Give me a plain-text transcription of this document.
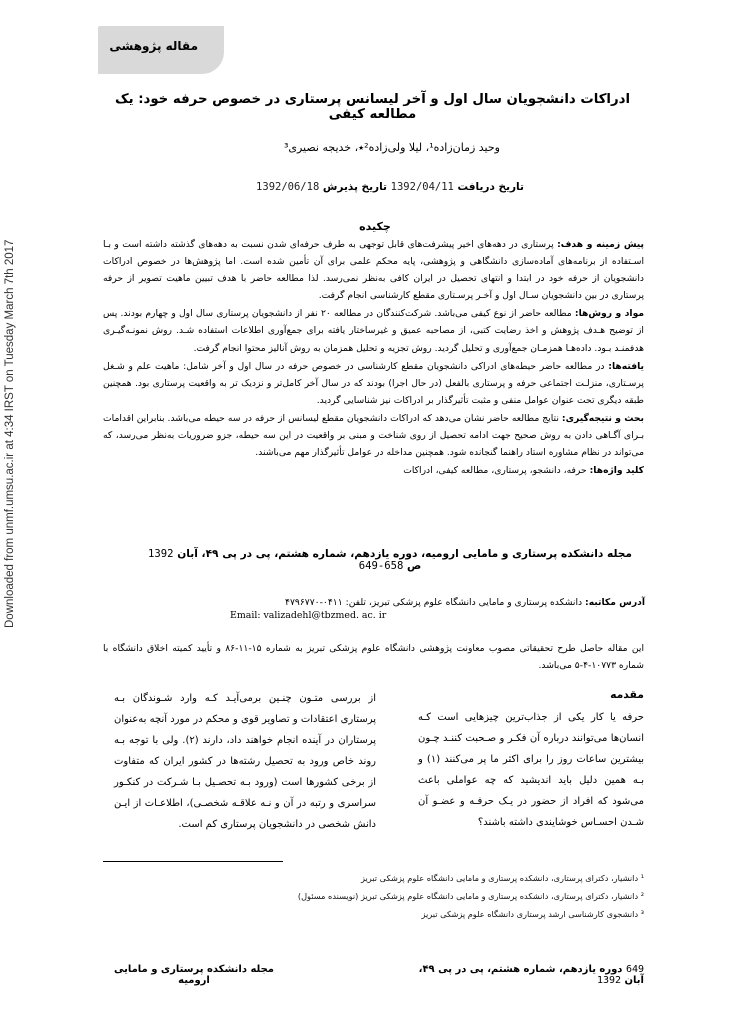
Downloaded from unmf.umsu.ac.ir at 4:34 IRST on Tuesday March 7th 2017
مقاله پژوهشی
ادراکات دانشجویان سال اول و آخر لیسانس پرستاری در خصوص حرفه خود: یک مطالعه کیفی
وحید زمان‌زاده¹، لیلا ولی‌زاده²٭، خدیجه نصیری³
تاریخ دریافت 1392/04/11 تاریخ پذیرش 1392/06/18
چکیده

پیش زمینه و هدف: پرستاری در دهه‌های اخیر پیشرفت‌های قابل توجهی به طرف حرفه‌ای شدن نسبت به دهه‌های گذشته داشته است و بـا اسـتفاده از برنامه‌های آماده‌سازی دانشگاهی و پژوهشی، پایه محکم علمی برای آن تأمین شده است. اما پژوهش‌ها در خصوص ادراکات دانشجویان از حرفه خود در ابتدا و انتهای تحصیل در ایران کافی به‌نظر نمی‌رسد. لذا مطالعه حاضر با هدف تبیین ماهیت تصویر از حرفه پرستاری در بین دانشجویان سـال اول و آخـر پرسـتاری مقطع کارشناسی انجام گرفت.

مواد و روش‌ها: مطالعه حاضر از نوع کیفی می‌باشد. شرکت‌کنندگان در مطالعه ۲۰ نفر از دانشجویان پرستاری سال اول و چهارم بودند. پس از توضیح هـدف پژوهش و اخذ رضایت کتبی، از مصاحبه عمیق و غیرساختار یافته برای جمع‌آوری اطلاعات استفاده شـد. روش نمونـه‌گیـری هدفمنـد بـود. داده‌هـا همزمـان جمع‌آوری و تحلیل گردید. روش تجزیه و تحلیل همزمان به روش آنالیز محتوا انجام گرفت.

یافته‌ها: در مطالعه حاضر حیطه‌های ادراکی دانشجویان مقطع کارشناسی در خصوص حرفه در سال اول و آخر شامل: ماهیت علم و شـغل پرسـتاری، منزلـت اجتماعی حرفه و پرستاری بالفعل (در حال اجرا) بودند که در سال آخر کامل‌تر و نزدیک تر به واقعیت پرستاری بود. همچنین طبقه دیگری تحت عنوان عوامل منفی و مثبت تأثیرگذار بر ادراکات نیز شناسایی گردید.

بحث و نتیجه‌گیری: نتایج مطالعه حاضر نشان می‌دهد که ادراکات دانشجویان مقطع لیسانس از حرفه در سه حیطه می‌باشد. بنابراین اقدامات بـرای آگـاهی دادن به روش صحیح جهت ادامه تحصیل از روی شناخت و مبنی بر واقعیت در این سه حیطه، جزو ضروریات به‌نظر می‌رسد، که می‌تواند در نظام مشاوره استاد راهنما گنجانده شود. همچنین مداخله در عوامل تأثیرگذار مهم می‌باشند.

کلید واژه‌ها: حرفه، دانشجو، پرستاری، مطالعه کیفی، ادراکات

مجله دانشکده پرستاری و مامایی ارومیه، دوره یازدهم، شماره هشتم، پی در پی ۴۹، آبان 1392 ص 649-658
آدرس مکاتبه: دانشکده پرستاری و مامایی دانشگاه علوم پزشکی تبریز، تلفن: ۰۴۱۱-۴۷۹۶۷۷۰
Email: valizadehl@tbzmed. ac. ir
این مقاله حاصل طرح تحقیقاتی مصوب معاونت پژوهشی دانشگاه علوم پزشکی تبریز به شماره ۱۵-۱۱-۸۶ و تأیید کمیته اخلاق دانشگاه با شماره ۱۰۷۷۳-۴-۵ می‌باشد.
مقدمه
حرفه یا کار یکی از جذاب‌ترین چیزهایی است کـه انسان‌ها می‌توانند درباره آن فکـر و صـحبت کننـد چـون بیشترین ساعات روز را برای اکثر ما پر می‌کنند (۱) و بـه همین دلیل باید اندیشید که چه عواملی باعث می‌شود که افراد از حضور در یـک حرفـه و عضـو آن شـدن احسـاس خوشایندی داشته باشند؟
از بررسی متـون چنـین برمی‌آیـد کـه وارد شـوندگان بـه پرستاری اعتقادات و تصاویر قوی و محکم در مورد آنچه به‌عنوان پرستاران در آینده انجام خواهند داد، دارند (۲). ولی با توجه بـه روند خاص ورود به تحصیل رشته‌ها در کشور ایران که متفاوت از برخی کشورها است (ورود بـه تحصـیل بـا شـرکت در کنکـور سراسری و رتبه در آن و نـه علاقـه شخصـی)، اطلاعـات از ایـن دانش شخصی در دانشجویان پرستاری کم است.
¹ دانشیار، دکترای پرستاری، دانشکده پرستاری و مامایی دانشگاه علوم پزشکی تبریز
² دانشیار، دکترای پرستاری، دانشکده پرستاری و مامایی دانشگاه علوم پزشکی تبریز (نویسنده مسئول)
³ دانشجوی کارشناسی ارشد پرستاری دانشگاه علوم پزشکی تبریز
مجله دانشکده پرستاری و مامایی ارومیه
649 دوره یازدهم، شماره هشتم، پی در پی ۴۹، آبان 1392
